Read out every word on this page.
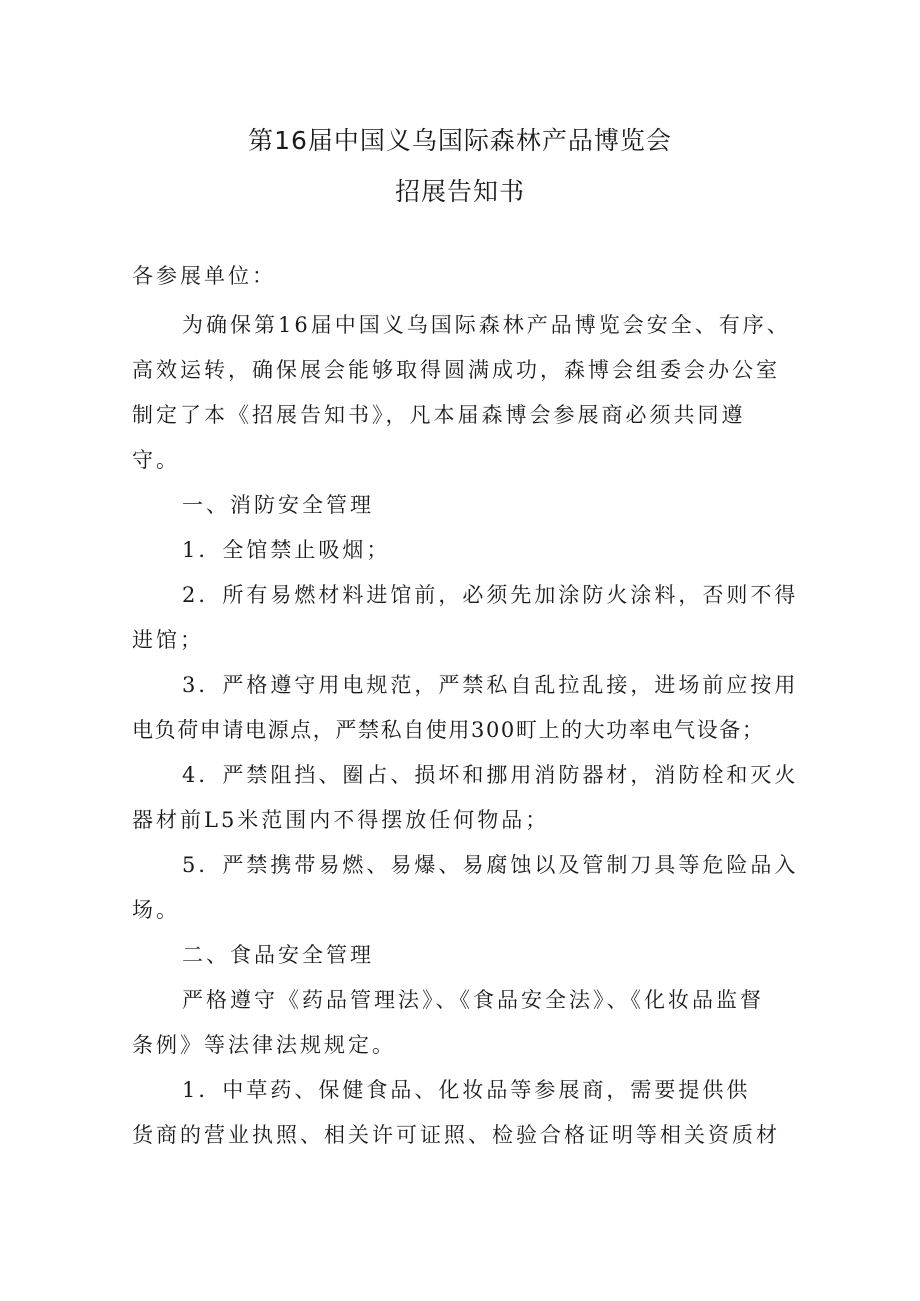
第16届中国义乌国际森林产品博览会
招展告知书
各参展单位：
为确保第16届中国义乌国际森林产品博览会安全、有序、
高效运转，确保展会能够取得圆满成功，森博会组委会办公室
制定了本《招展告知书》，凡本届森博会参展商必须共同遵
守。
一、消防安全管理
1．全馆禁止吸烟；
2．所有易燃材料进馆前，必须先加涂防火涂料，否则不得
进馆；
3．严格遵守用电规范，严禁私自乱拉乱接，进场前应按用
电负荷申请电源点，严禁私自使用300町上的大功率电气设备；
4．严禁阻挡、圈占、损坏和挪用消防器材，消防栓和灭火
器材前L5米范围内不得摆放任何物品；
5．严禁携带易燃、易爆、易腐蚀以及管制刀具等危险品入
场。
二、食品安全管理
严格遵守《药品管理法》、《食品安全法》、《化妆品监督
条例》等法律法规规定。
1．中草药、保健食品、化妆品等参展商，需要提供供
货商的营业执照、相关许可证照、检验合格证明等相关资质材
